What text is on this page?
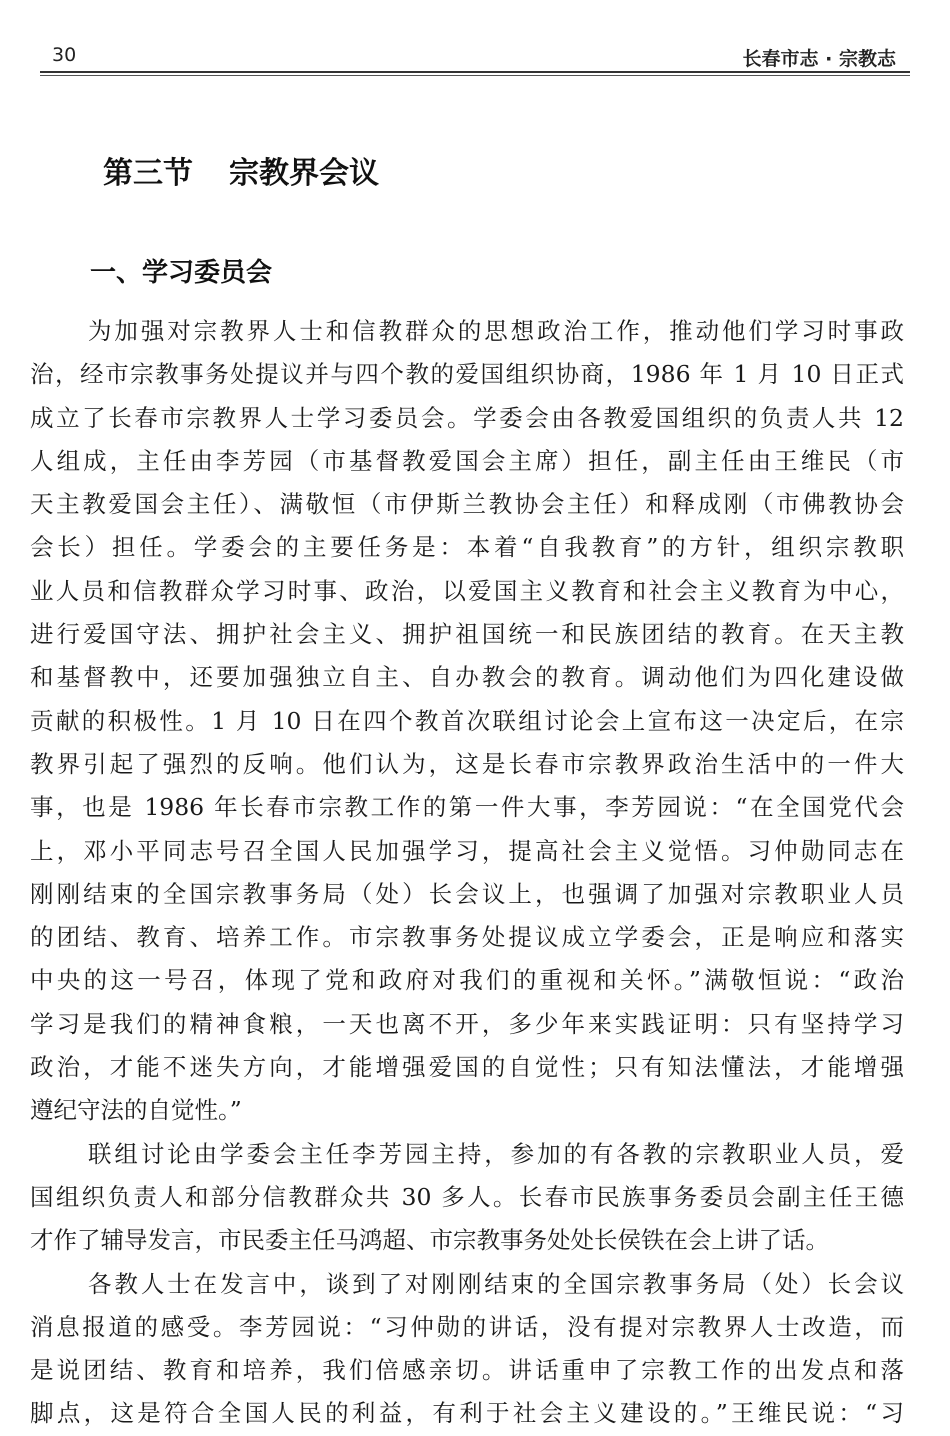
30	长春市志 · 宗教志
第三节 宗教界会议
一、学习委员会
为加强对宗教界人士和信教群众的思想政治工作，推动他们学习时事政
治，经市宗教事务处提议并与四个教的爱国组织协商，1986 年 1 月 10 日正式
成立了长春市宗教界人士学习委员会。学委会由各教爱国组织的负责人共 12
人组成，主任由李芳园（市基督教爱国会主席）担任，副主任由王维民（市
天主教爱国会主任）、满敬恒（市伊斯兰教协会主任）和释成刚（市佛教协会
会长）担任。学委会的主要任务是：本着“自我教育”的方针，组织宗教职
业人员和信教群众学习时事、政治，以爱国主义教育和社会主义教育为中心，
进行爱国守法、拥护社会主义、拥护祖国统一和民族团结的教育。在天主教
和基督教中，还要加强独立自主、自办教会的教育。调动他们为四化建设做
贡献的积极性。1 月 10 日在四个教首次联组讨论会上宣布这一决定后，在宗
教界引起了强烈的反响。他们认为，这是长春市宗教界政治生活中的一件大
事，也是 1986 年长春市宗教工作的第一件大事，李芳园说：“在全国党代会
上，邓小平同志号召全国人民加强学习，提高社会主义觉悟。习仲勋同志在
刚刚结束的全国宗教事务局（处）长会议上，也强调了加强对宗教职业人员
的团结、教育、培养工作。市宗教事务处提议成立学委会，正是响应和落实
中央的这一号召，体现了党和政府对我们的重视和关怀。”满敬恒说：“政治
学习是我们的精神食粮，一天也离不开，多少年来实践证明：只有坚持学习
政治，才能不迷失方向，才能增强爱国的自觉性；只有知法懂法，才能增强
遵纪守法的自觉性。”
联组讨论由学委会主任李芳园主持，参加的有各教的宗教职业人员，爱
国组织负责人和部分信教群众共 30 多人。长春市民族事务委员会副主任王德
才作了辅导发言，市民委主任马鸿超、市宗教事务处处长侯铁在会上讲了话。
各教人士在发言中，谈到了对刚刚结束的全国宗教事务局（处）长会议
消息报道的感受。李芳园说：“习仲勋的讲话，没有提对宗教界人士改造，而
是说团结、教育和培养，我们倍感亲切。讲话重申了宗教工作的出发点和落
脚点，这是符合全国人民的利益，有利于社会主义建设的。”王维民说：“习
